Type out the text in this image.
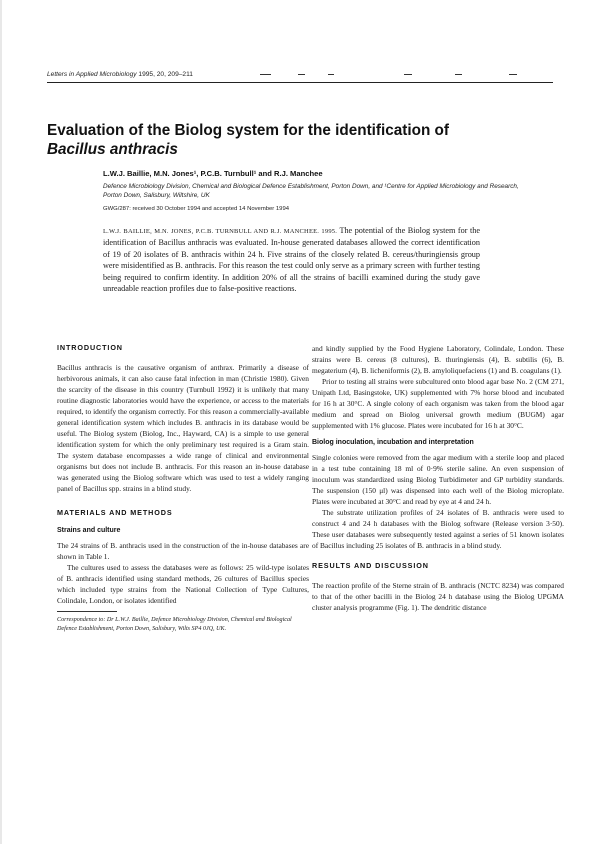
Letters in Applied Microbiology 1995, 20, 209–211
Evaluation of the Biolog system for the identification of
Bacillus anthracis
L.W.J. Baillie, M.N. Jones¹, P.C.B. Turnbull¹ and R.J. Manchee
Defence Microbiology Division, Chemical and Biological Defence Establishment, Porton Down, and ¹Centre for Applied Microbiology and Research, Porton Down, Salisbury, Wiltshire, UK
GWG/287: received 30 October 1994 and accepted 14 November 1994
L.W.J. BAILLIE, M.N. JONES, P.C.B. TURNBULL AND R.J. MANCHEE. 1995. The potential of the Biolog system for the identification of Bacillus anthracis was evaluated. In-house generated databases allowed the correct identification of 19 of 20 isolates of B. anthracis within 24 h. Five strains of the closely related B. cereus/thuringiensis group were misidentified as B. anthracis. For this reason the test could only serve as a primary screen with further testing being required to confirm identity. In addition 20% of all the strains of bacilli examined during the study gave unreadable reaction profiles due to false-positive reactions.
INTRODUCTION

Bacillus anthracis is the causative organism of anthrax. Primarily a disease of herbivorous animals, it can also cause fatal infection in man (Christie 1980). Given the scarcity of the disease in this country (Turnbull 1992) it is unlikely that many routine diagnostic laboratories would have the experience, or access to the materials required, to identify the organism correctly. For this reason a commercially-available general identification system which includes B. anthracis in its database would be useful. The Biolog system (Biolog, Inc., Hayward, CA) is a simple to use general identification system for which the only preliminary test required is a Gram stain. The system database encompasses a wide range of clinical and environmental organisms but does not include B. anthracis. For this reason an in-house database was generated using the Biolog software which was used to test a widely ranging panel of Bacillus spp. strains in a blind study.

MATERIALS AND METHODS
Strains and culture

The 24 strains of B. anthracis used in the construction of the in-house databases are shown in Table 1.

The cultures used to assess the databases were as follows: 25 wild-type isolates of B. anthracis identified using standard methods, 26 cultures of Bacillus species which included type strains from the National Collection of Type Cultures, Colindale, London, or isolates identified

Correspondence to: Dr L.W.J. Baillie, Defence Microbiology Division, Chemical and Biological Defence Establishment, Porton Down, Salisbury, Wilts SP4 0JQ, UK.

and kindly supplied by the Food Hygiene Laboratory, Colindale, London. These strains were B. cereus (8 cultures), B. thuringiensis (4), B. subtilis (6), B. megaterium (4), B. licheniformis (2), B. amyloliquefaciens (1) and B. coagulans (1).

Prior to testing all strains were subcultured onto blood agar base No. 2 (CM 271, Unipath Ltd, Basingstoke, UK) supplemented with 7% horse blood and incubated for 16 h at 30°C. A single colony of each organism was taken from the blood agar medium and spread on Biolog universal growth medium (BUGM) agar supplemented with 1% glucose. Plates were incubated for 16 h at 30°C.

Biolog inoculation, incubation and interpretation

Single colonies were removed from the agar medium with a sterile loop and placed in a test tube containing 18 ml of 0·9% sterile saline. An even suspension of inoculum was standardized using Biolog Turbidimeter and GP turbidity standards. The suspension (150 μl) was dispensed into each well of the Biolog microplate. Plates were incubated at 30°C and read by eye at 4 and 24 h.

The substrate utilization profiles of 24 isolates of B. anthracis were used to construct 4 and 24 h databases with the Biolog software (Release version 3·50). These user databases were subsequently tested against a series of 51 known isolates of Bacillus including 25 isolates of B. anthracis in a blind study.

RESULTS AND DISCUSSION

The reaction profile of the Sterne strain of B. anthracis (NCTC 8234) was compared to that of the other bacilli in the Biolog 24 h database using the Biolog UPGMA cluster analysis programme (Fig. 1). The dendritic distance
